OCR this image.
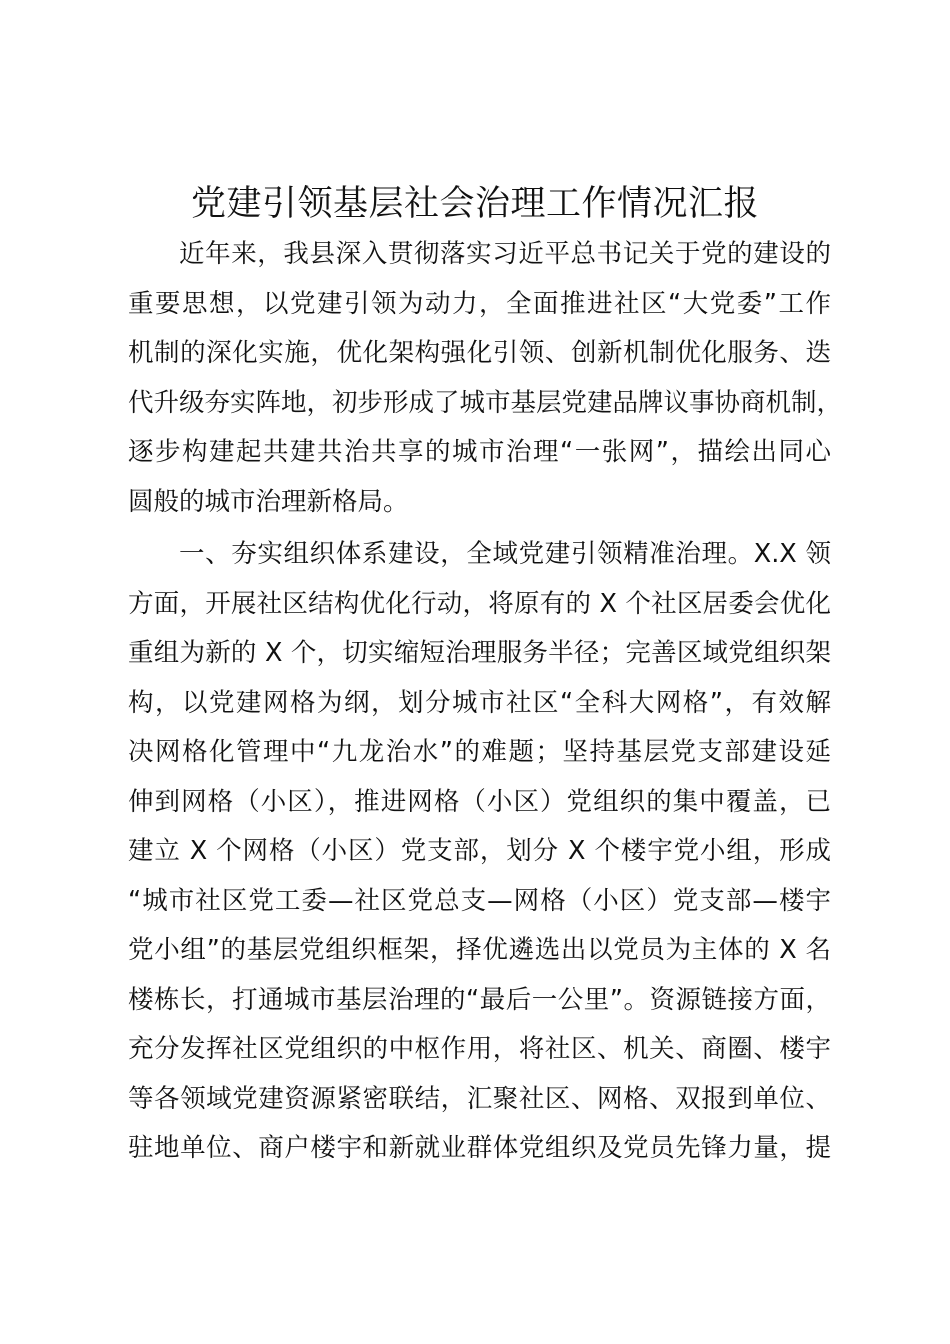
党建引领基层社会治理工作情况汇报
近年来，我县深入贯彻落实习近平总书记关于党的建设的
重要思想，以党建引领为动力，全面推进社区“大党委”工作
机制的深化实施，优化架构强化引领、创新机制优化服务、迭
代升级夯实阵地，初步形成了城市基层党建品牌议事协商机制，
逐步构建起共建共治共享的城市治理“一张网”，描绘出同心
圆般的城市治理新格局。
一、夯实组织体系建设，全域党建引领精准治理。X.X 领
方面，开展社区结构优化行动，将原有的 X 个社区居委会优化
重组为新的 X 个，切实缩短治理服务半径；完善区域党组织架
构，以党建网格为纲，划分城市社区“全科大网格”，有效解
决网格化管理中“九龙治水”的难题；坚持基层党支部建设延
伸到网格（小区），推进网格（小区）党组织的集中覆盖，已
建立 X 个网格（小区）党支部，划分 X 个楼宇党小组，形成
“城市社区党工委—社区党总支—网格（小区）党支部—楼宇
党小组”的基层党组织框架，择优遴选出以党员为主体的 X 名
楼栋长，打通城市基层治理的“最后一公里”。资源链接方面，
充分发挥社区党组织的中枢作用，将社区、机关、商圈、楼宇
等各领域党建资源紧密联结，汇聚社区、网格、双报到单位、
驻地单位、商户楼宇和新就业群体党组织及党员先锋力量，提
